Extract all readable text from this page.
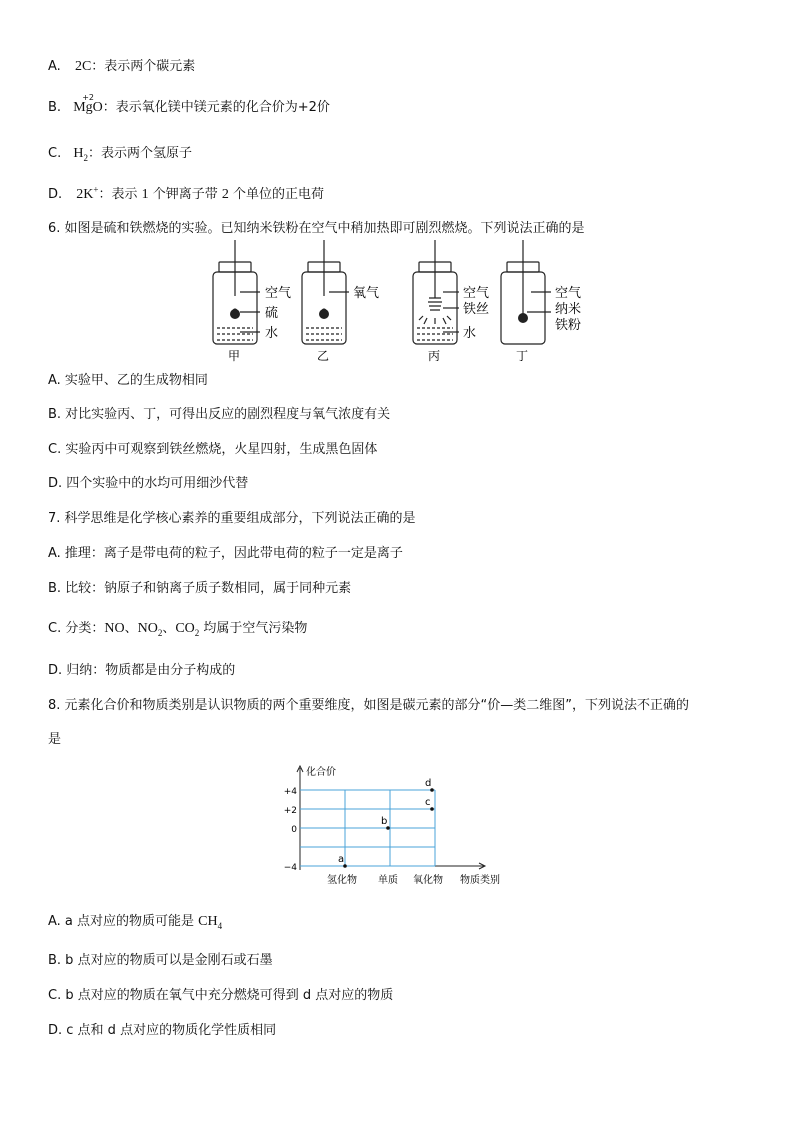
A. 2C：表示两个碳元素
B.
+2
MgO：表示氧化镁中镁元素的化合价为+2价
C. $H_2$：表示两个氢原子
D. 2K+：表示 1 个钾离子带 2 个单位的正电荷
6. 如图是硫和铁燃烧的实验。已知纳米铁粉在空气中稍加热即可剧烈燃烧。下列说法正确的是
空气
硫
水
甲
氧气
乙
空气
铁丝
水
丙
空气
纳米
铁粉
丁
A. 实验甲、乙的生成物相同
B. 对比实验丙、丁，可得出反应的剧烈程度与氧气浓度有关
C. 实验丙中可观察到铁丝燃烧，火星四射，生成黑色固体
D. 四个实验中的水均可用细沙代替
7. 科学思维是化学核心素养的重要组成部分，下列说法正确的是
A. 推理：离子是带电荷的粒子，因此带电荷的粒子一定是离子
B. 比较：钠原子和钠离子质子数相同，属于同种元素
C. 分类：NO、$NO_2$、$CO_2$ 均属于空气污染物
D. 归纳：物质都是由分子构成的
8. 元素化合价和物质类别是认识物质的两个重要维度，如图是碳元素的部分“价—类二维图”，下列说法不正确的
是
化合价
物质类别
+4
+2
0
−4
氢化物 单质 氧化物
a
b
c
d
A. a 点对应的物质可能是 $CH_4$
B. b 点对应的物质可以是金刚石或石墨
C. b 点对应的物质在氧气中充分燃烧可得到 d 点对应的物质
D. c 点和 d 点对应的物质化学性质相同
